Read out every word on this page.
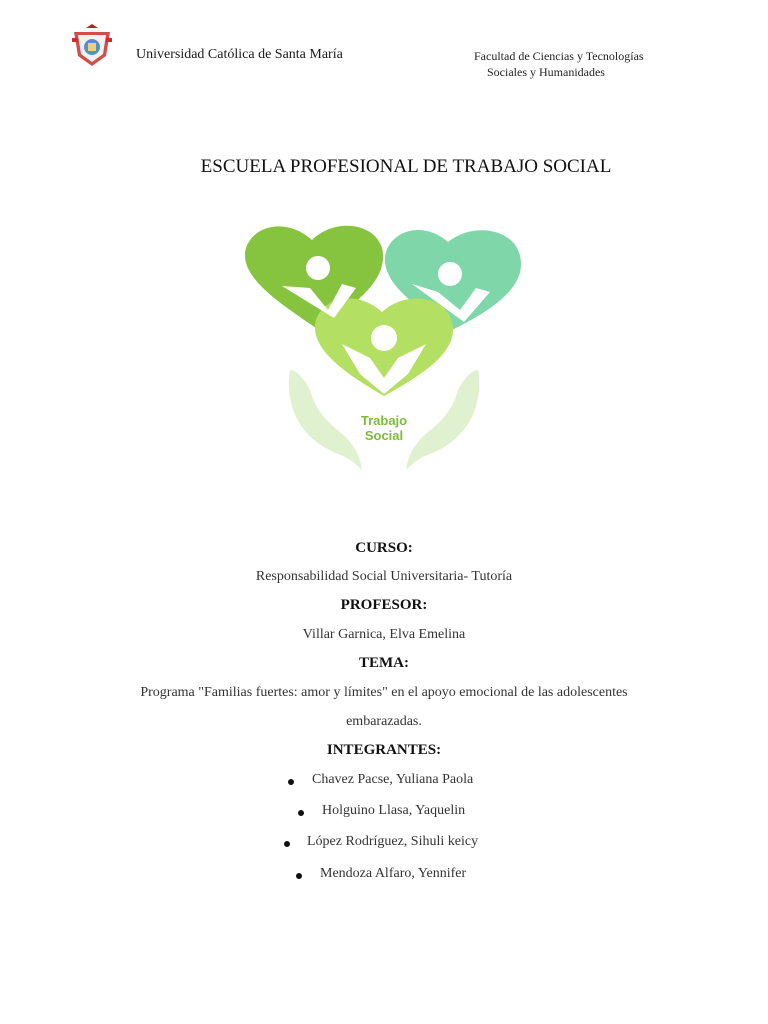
Universidad Católica de Santa María	Facultad de Ciencias y Tecnologías
Sociales y Humanidades
ESCUELA PROFESIONAL DE TRABAJO SOCIAL
Trabajo
Social
CURSO:
Responsabilidad Social Universitaria- Tutoría
PROFESOR:
Villar Garnica, Elva Emelina
TEMA:
Programa "Familias fuertes: amor y límites" en el apoyo emocional de las adolescentes
embarazadas.
INTEGRANTES:
Chavez Pacse, Yuliana Paola
Holguino Llasa, Yaquelin
López Rodríguez, Sihuli keicy
Mendoza Alfaro, Yennifer
